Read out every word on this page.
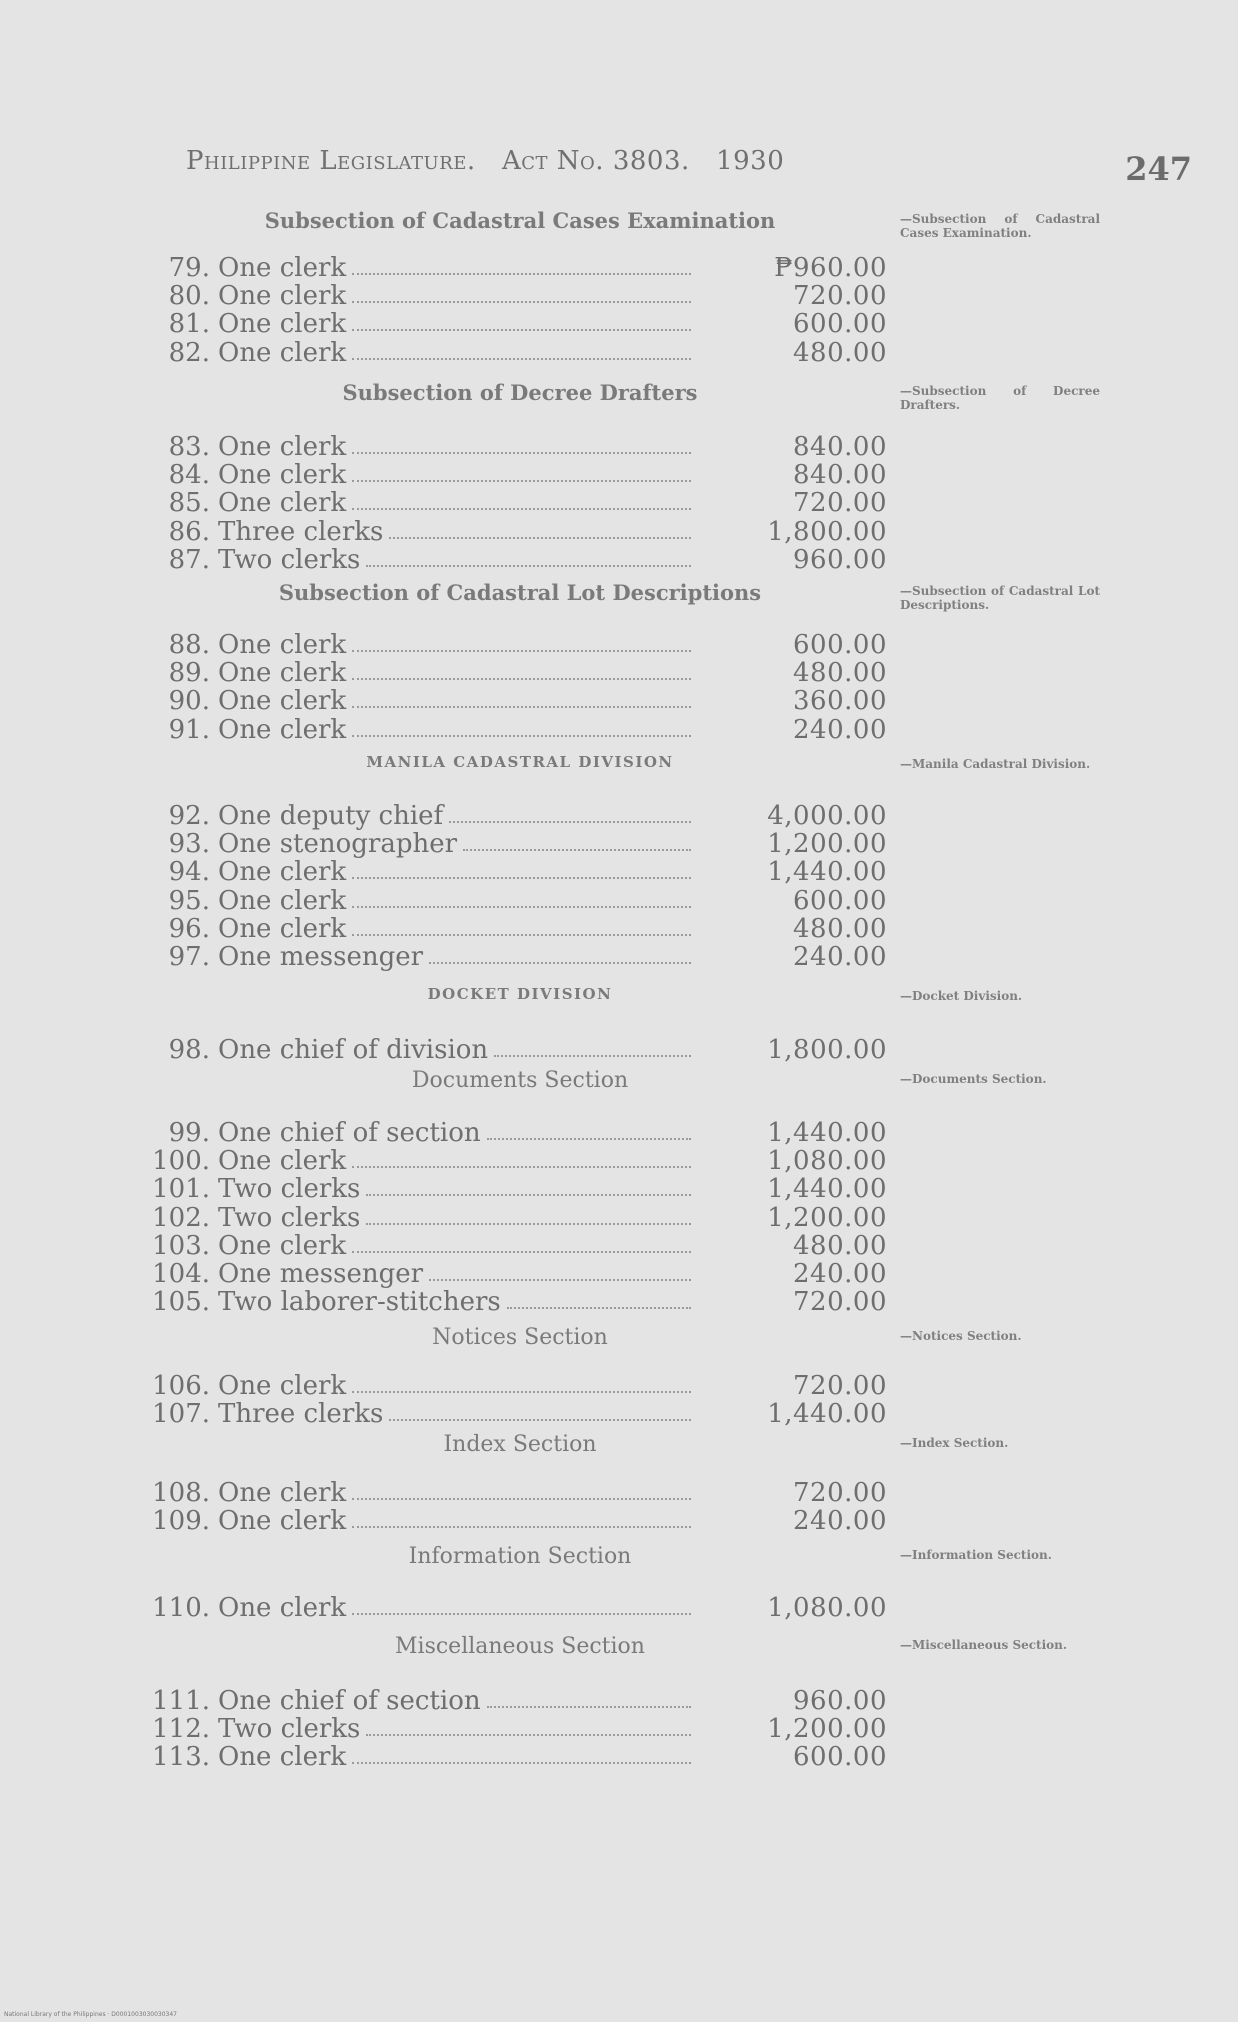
Philippine Legislature. Act No. 3803. 1930	247
Subsection of Cadastral Cases Examination	—Subsection of Cadastral Cases Examination.
79. One clerk	₱960.00
80. One clerk	720.00
81. One clerk	600.00
82. One clerk	480.00
Subsection of Decree Drafters	—Subsection of Decree Drafters.
83. One clerk	840.00
84. One clerk	840.00
85. One clerk	720.00
86. Three clerks	1,800.00
87. Two clerks	960.00
Subsection of Cadastral Lot Descriptions	—Subsection of Cadastral Lot Descriptions.
88. One clerk	600.00
89. One clerk	480.00
90. One clerk	360.00
91. One clerk	240.00
MANILA CADASTRAL DIVISION	—Manila Cadastral Division.
92. One deputy chief	4,000.00
93. One stenographer	1,200.00
94. One clerk	1,440.00
95. One clerk	600.00
96. One clerk	480.00
97. One messenger	240.00
DOCKET DIVISION	—Docket Division.
98. One chief of division	1,800.00
Documents Section	—Documents Section.
99. One chief of section	1,440.00
100. One clerk	1,080.00
101. Two clerks	1,440.00
102. Two clerks	1,200.00
103. One clerk	480.00
104. One messenger	240.00
105. Two laborer-stitchers	720.00
Notices Section	—Notices Section.
106. One clerk	720.00
107. Three clerks	1,440.00
Index Section	—Index Section.
108. One clerk	720.00
109. One clerk	240.00
Information Section	—Information Section.
110. One clerk	1,080.00
Miscellaneous Section	—Miscellaneous Section.
111. One chief of section	960.00
112. Two clerks	1,200.00
113. One clerk	600.00
National Library of the Philippines · D0001003030030347
